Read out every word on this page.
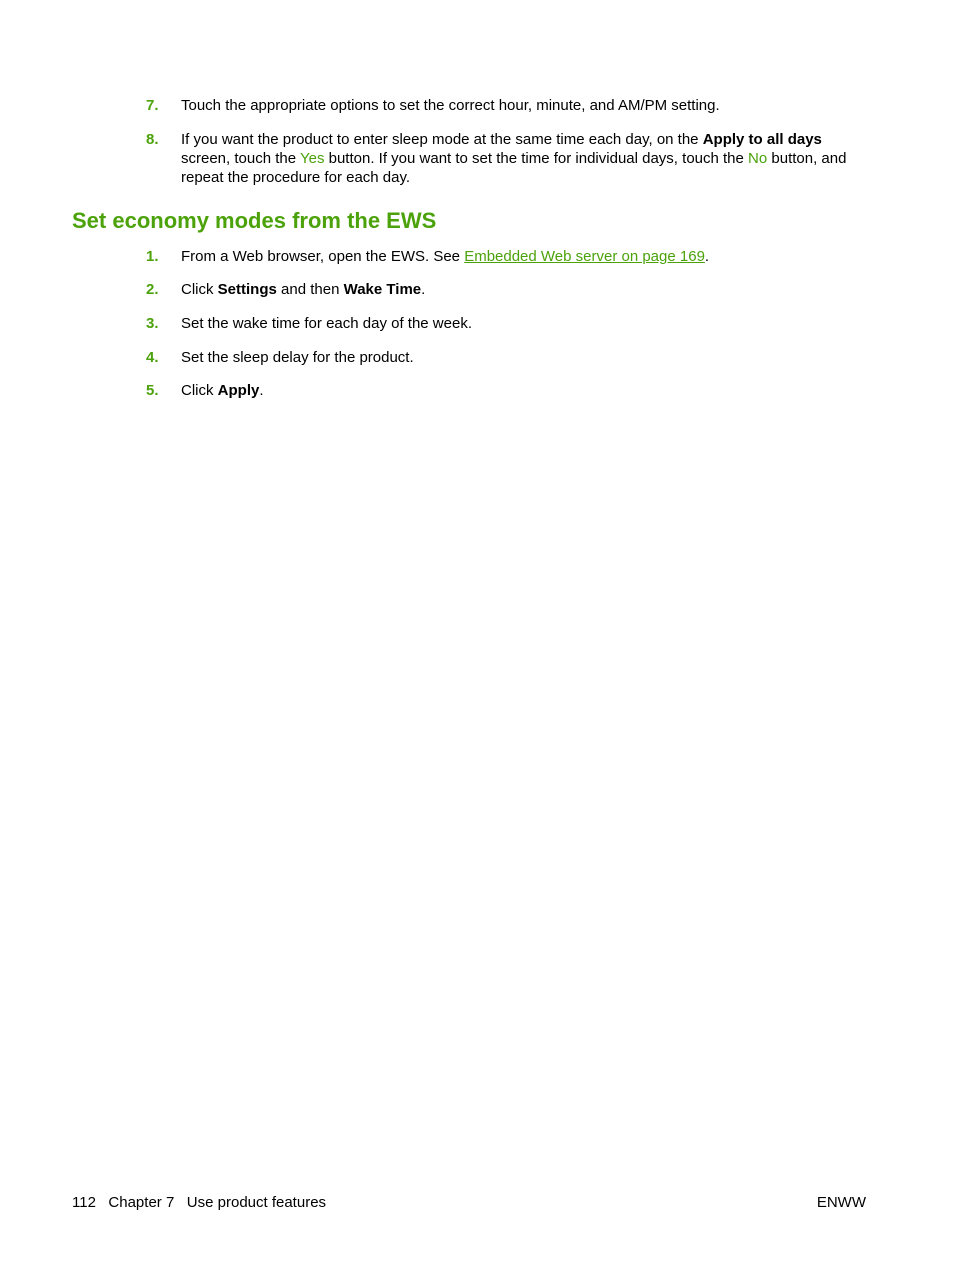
7. Touch the appropriate options to set the correct hour, minute, and AM/PM setting.
8. If you want the product to enter sleep mode at the same time each day, on the Apply to all days screen, touch the Yes button. If you want to set the time for individual days, touch the No button, and repeat the procedure for each day.
Set economy modes from the EWS
1. From a Web browser, open the EWS. See Embedded Web server on page 169.
2. Click Settings and then Wake Time.
3. Set the wake time for each day of the week.
4. Set the sleep delay for the product.
5. Click Apply.
112   Chapter 7   Use product features	ENWW
